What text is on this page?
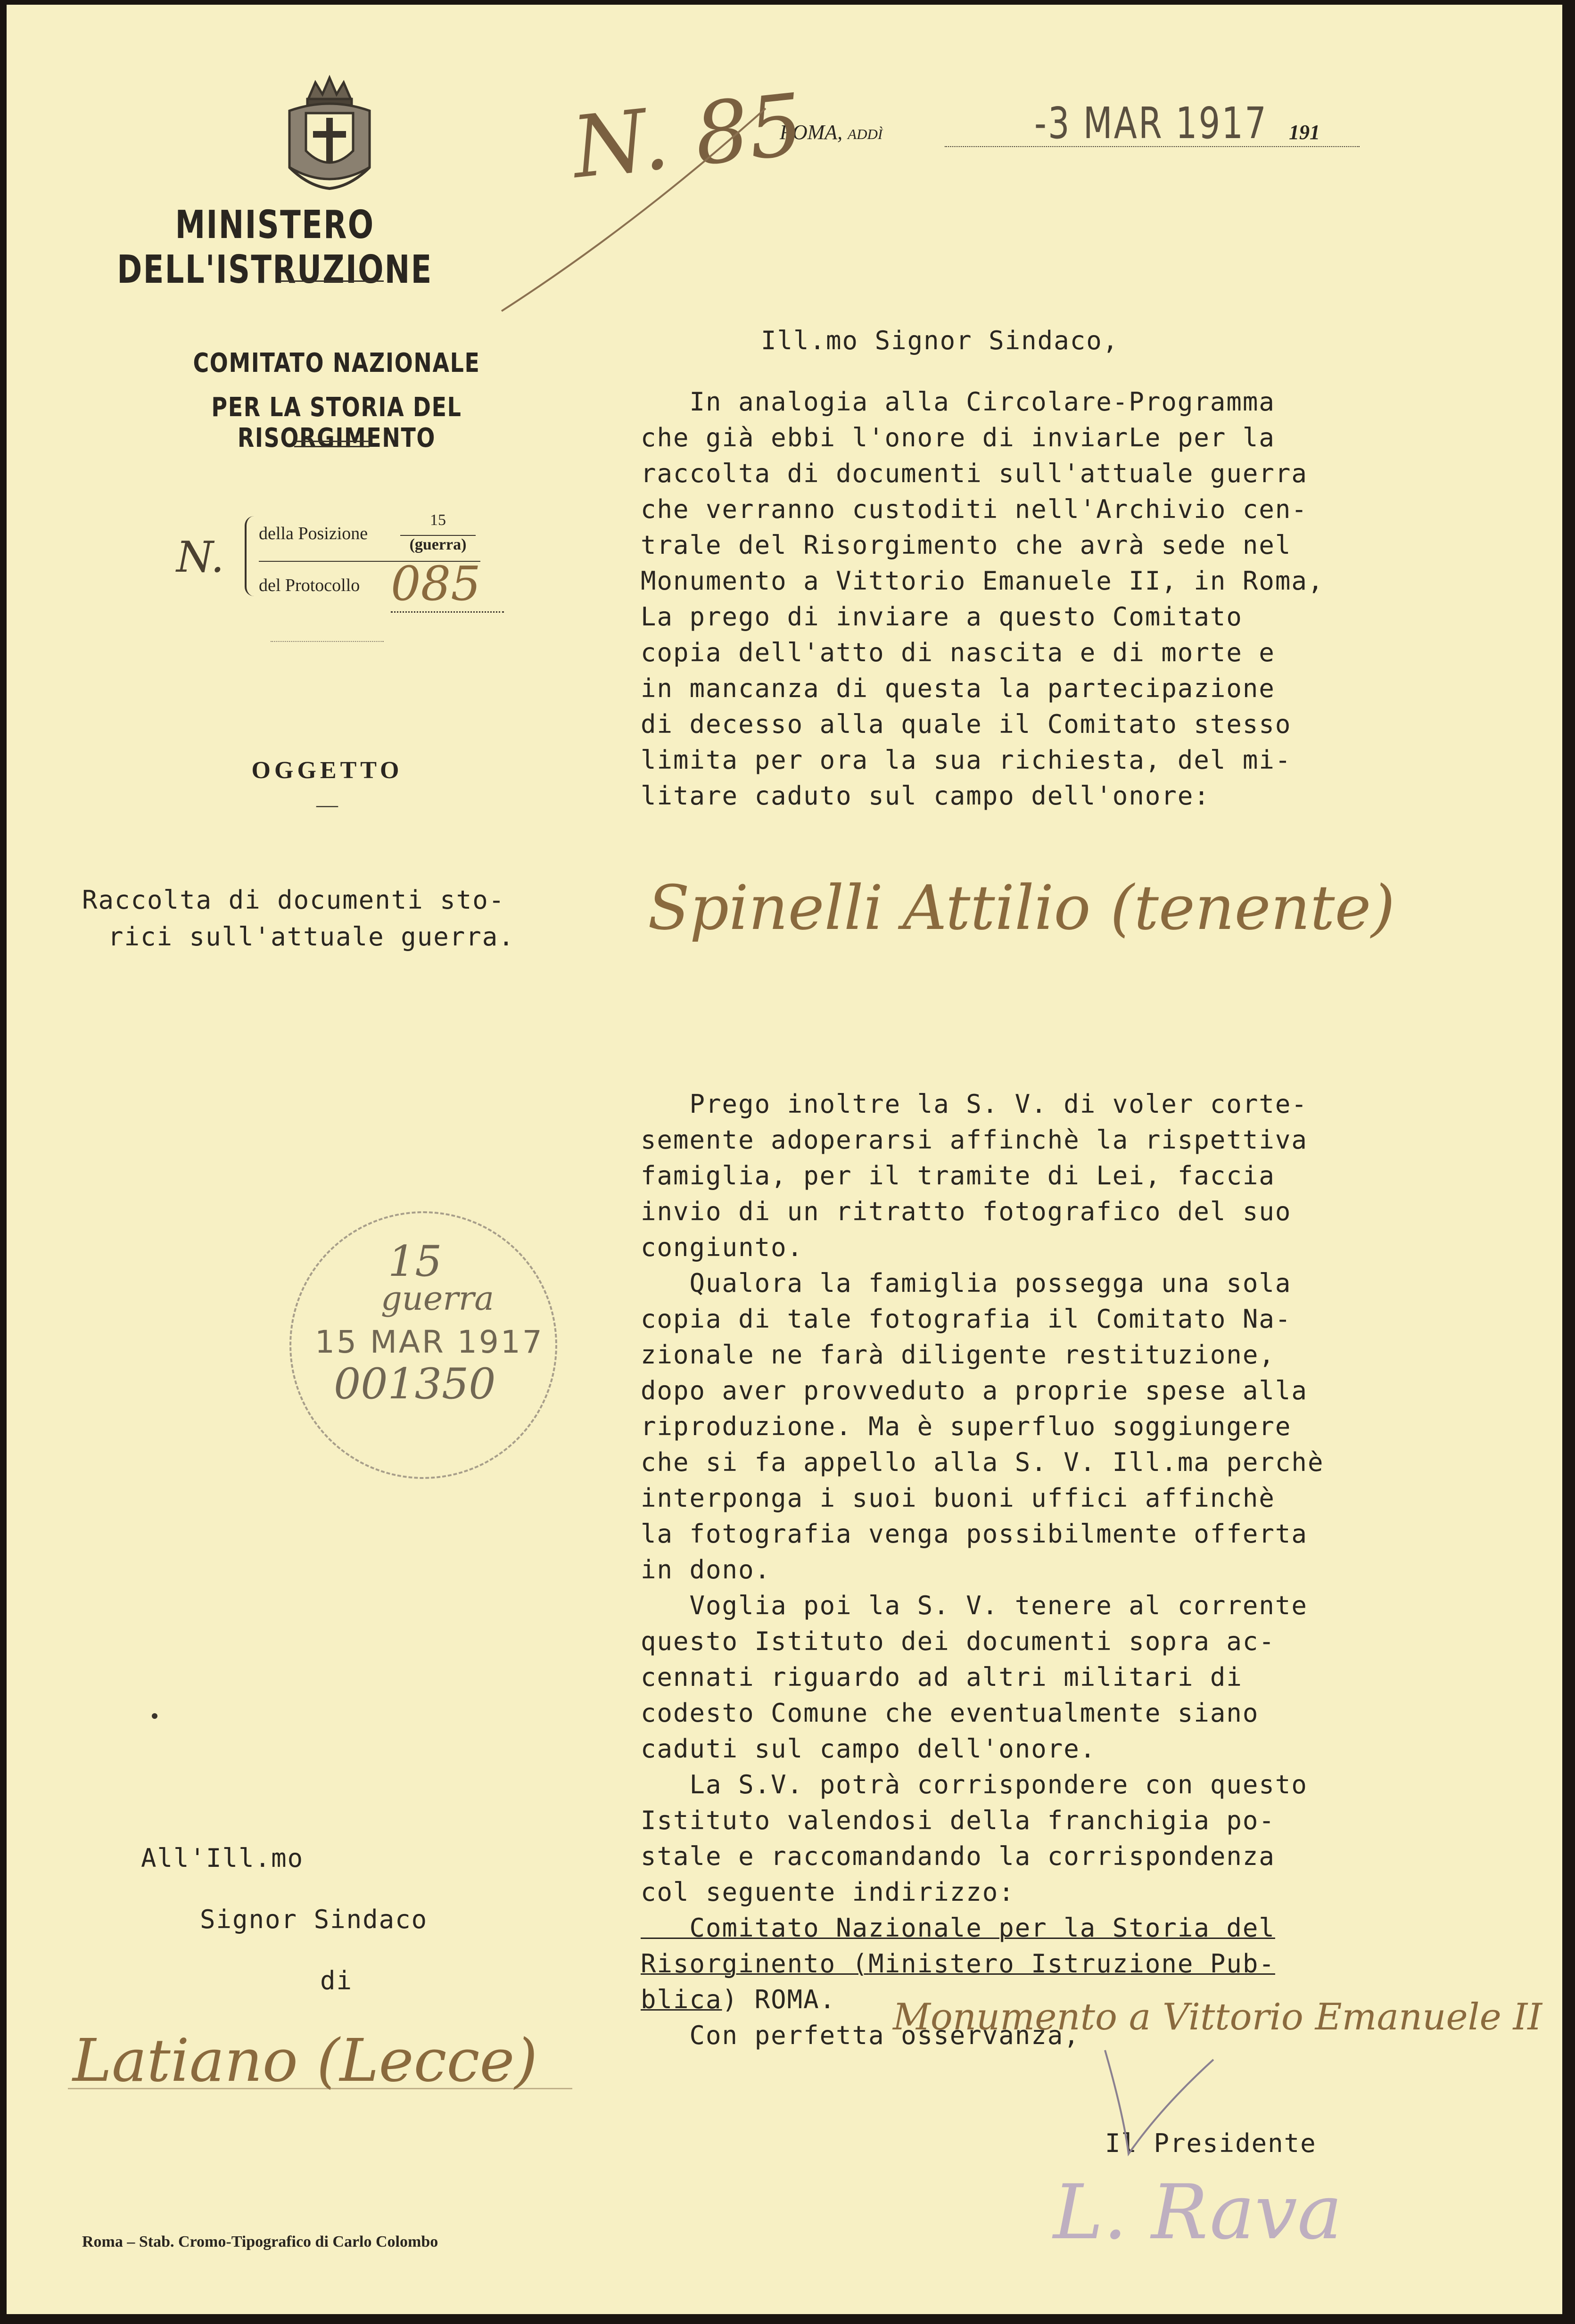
MINISTERO DELL'ISTRUZIONE
COMITATO NAZIONALE
PER LA STORIA DEL RISORGIMENTO
N. della Posizione
15
(guerra)
del Protocollo 085
ROMA, addì	-3 MAR 1917 191
N. 85
OGGETTO
—
Raccolta di documenti sto-
rici sull'attuale guerra.
Ill.mo Signor Sindaco,
In analogia alla Circolare-Programma
che già ebbi l'onore di inviarLe per la
raccolta di documenti sull'attuale guerra
che verranno custoditi nell'Archivio cen-
trale del Risorgimento che avrà sede nel
Monumento a Vittorio Emanuele II, in Roma,
La prego di inviare a questo Comitato
copia dell'atto di nascita e di morte e
in mancanza di questa la partecipazione
di decesso alla quale il Comitato stesso
limita per ora la sua richiesta, del mi-
litare caduto sul campo dell'onore:
Spinelli Attilio (tenente)
Prego inoltre la S. V. di voler corte-
semente adoperarsi affinchè la rispettiva
famiglia, per il tramite di Lei, faccia
invio di un ritratto fotografico del suo
congiunto.
Qualora la famiglia possegga una sola
copia di tale fotografia il Comitato Na-
zionale ne farà diligente restituzione,
dopo aver provveduto a proprie spese alla
riproduzione. Ma è superfluo soggiungere
che si fa appello alla S. V. Ill.ma perchè
interponga i suoi buoni uffici affinchè
la fotografia venga possibilmente offerta
in dono.
Voglia poi la S. V. tenere al corrente
questo Istituto dei documenti sopra ac-
cennati riguardo ad altri militari di
codesto Comune che eventualmente siano
caduti sul campo dell'onore.
La S.V. potrà corrispondere con questo
Istituto valendosi della franchigia po-
stale e raccomandando la corrispondenza
col seguente indirizzo:
Comitato Nazionale per la Storia del
Risorginento (Ministero Istruzione Pub-
blica) ROMA.
Con perfetta osservanza,
Monumento a Vittorio Emanuele II
Il Presidente
L. Rava
All'Ill.mo
Signor Sindaco
di
Latiano (Lecce)
15
guerra
15 MAR 1917
001350
Roma – Stab. Cromo-Tipografico di Carlo Colombo
